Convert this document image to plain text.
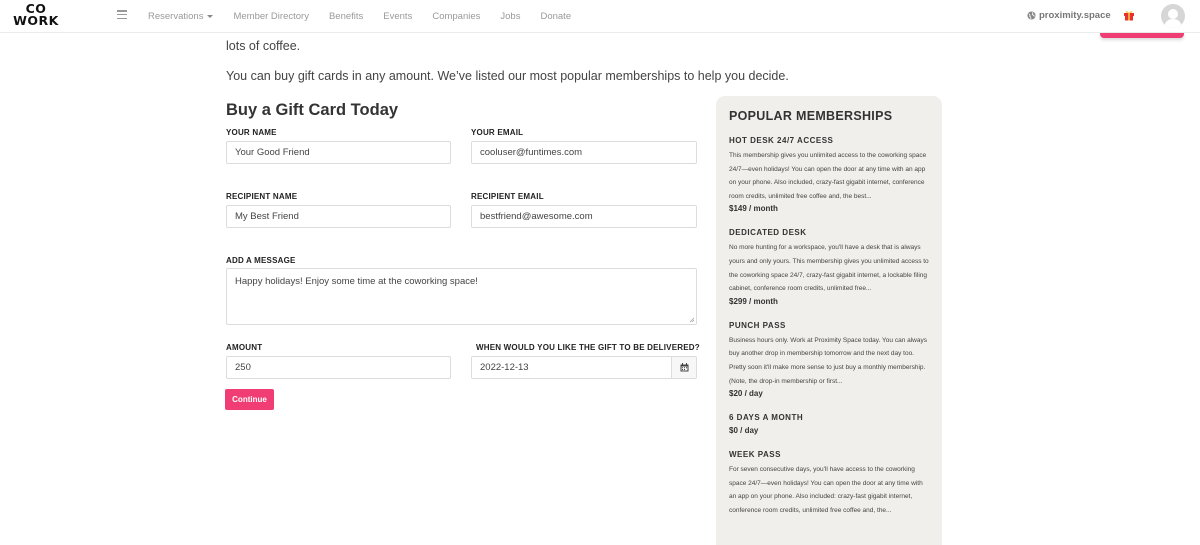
CO
WORK	Reservations	Member Directory Benefits Events Companies Jobs Donate	proximity.space
lots of coffee.
You can buy gift cards in any amount. We’ve listed our most popular memberships to help you decide.
Buy a Gift Card Today
YOUR NAME
Your Good Friend
YOUR EMAIL
cooluser@funtimes.com
RECIPIENT NAME
My Best Friend
RECIPIENT EMAIL
bestfriend@awesome.com
ADD A MESSAGE
Happy holidays! Enjoy some time at the coworking space!
AMOUNT
250
WHEN WOULD YOU LIKE THE GIFT TO BE DELIVERED?
2022-12-13
Continue
POPULAR MEMBERSHIPS
HOT DESK 24/7 ACCESS
This membership gives you unlimited access to the coworking space 24/7—even holidays! You can open the door at any time with an app on your phone. Also included, crazy-fast gigabit internet, conference room credits, unlimited free coffee and, the best...
$149 / month
DEDICATED DESK
No more hunting for a workspace, you'll have a desk that is always yours and only yours. This membership gives you unlimited access to the coworking space 24/7, crazy-fast gigabit internet, a lockable filing cabinet, conference room credits, unlimited free...
$299 / month
PUNCH PASS
Business hours only. Work at Proximity Space today. You can always buy another drop in membership tomorrow and the next day too. Pretty soon it'll make more sense to just buy a monthly membership. (Note, the drop-in membership or first...
$20 / day
6 DAYS A MONTH
$0 / day
WEEK PASS
For seven consecutive days, you'll have access to the coworking space 24/7—even holidays! You can open the door at any time with an app on your phone. Also included: crazy-fast gigabit internet, conference room credits, unlimited free coffee and, the...
